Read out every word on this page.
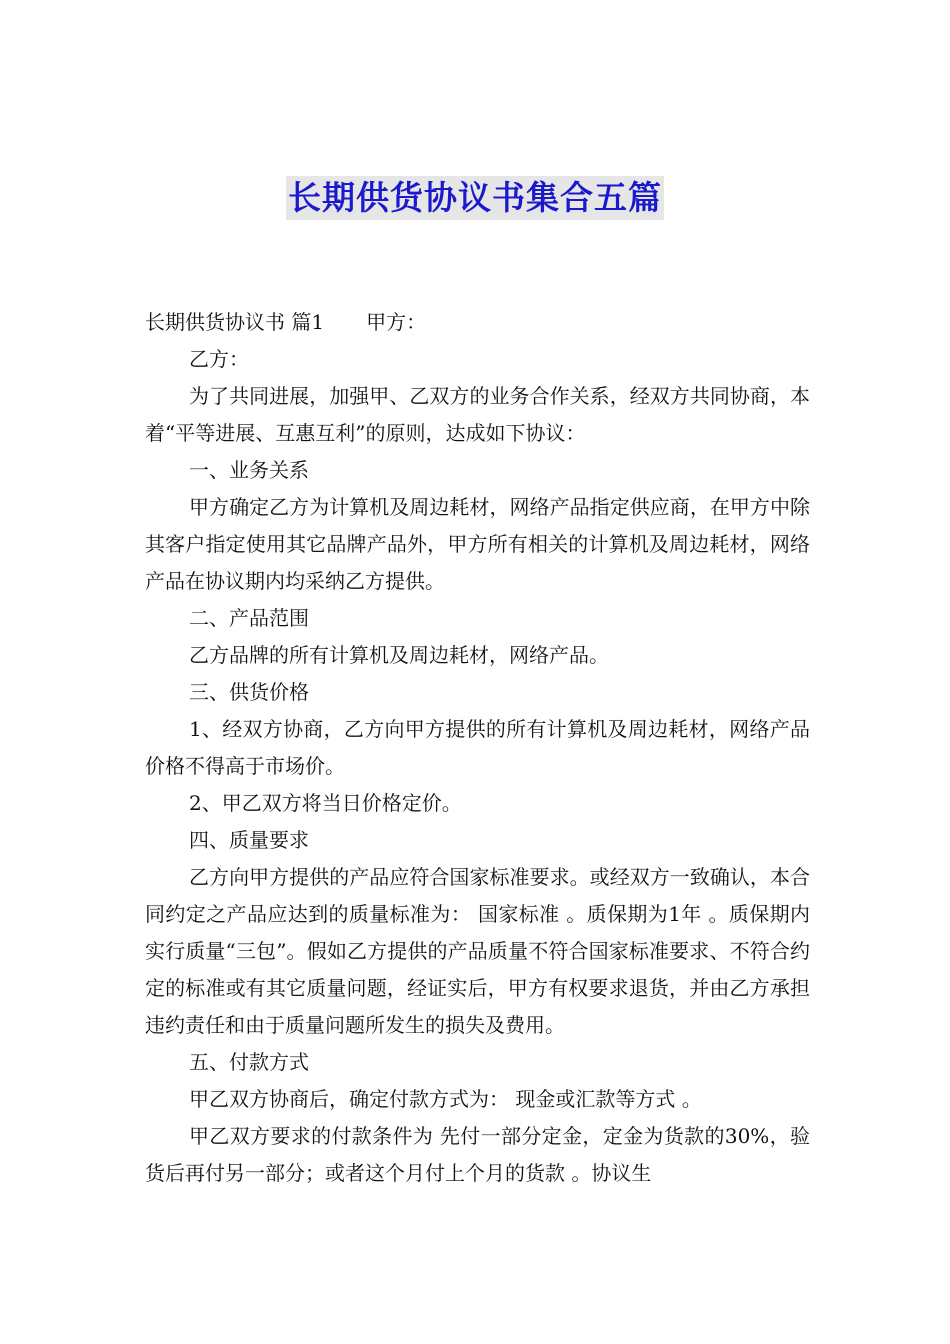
长期供货协议书集合五篇

长期供货协议书 篇1 甲方：

乙方：

为了共同进展，加强甲、乙双方的业务合作关系，经双方共同协商，本着“平等进展、互惠互利”的原则，达成如下协议：

一、业务关系

甲方确定乙方为计算机及周边耗材，网络产品指定供应商，在甲方中除其客户指定使用其它品牌产品外，甲方所有相关的计算机及周边耗材，网络产品在协议期内均采纳乙方提供。

二、产品范围

乙方品牌的所有计算机及周边耗材，网络产品。

三、供货价格

1、经双方协商，乙方向甲方提供的所有计算机及周边耗材，网络产品价格不得高于市场价。

2、甲乙双方将当日价格定价。

四、质量要求

乙方向甲方提供的产品应符合国家标准要求。或经双方一致确认，本合同约定之产品应达到的质量标准为： 国家标准 。质保期为1年 。质保期内实行质量“三包”。假如乙方提供的产品质量不符合国家标准要求、不符合约定的标准或有其它质量问题，经证实后，甲方有权要求退货，并由乙方承担违约责任和由于质量问题所发生的损失及费用。

五、付款方式

甲乙双方协商后，确定付款方式为： 现金或汇款等方式 。

甲乙双方要求的付款条件为 先付一部分定金，定金为货款的30%，验货后再付另一部分；或者这个月付上个月的货款 。协议生
